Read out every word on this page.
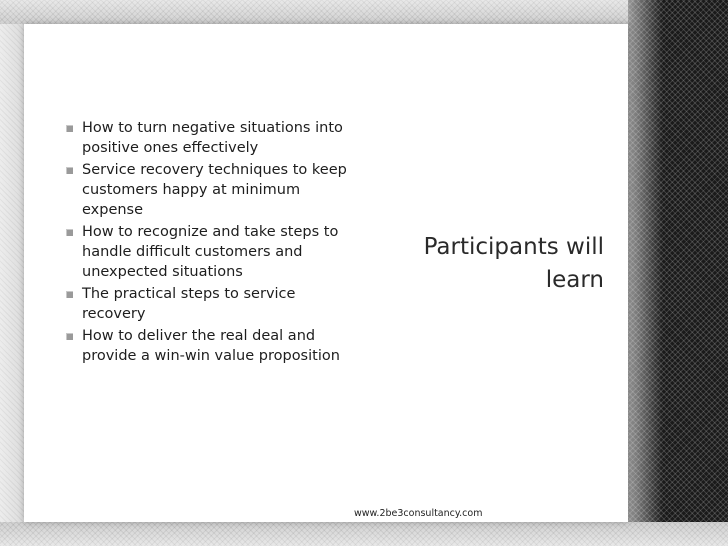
How to turn negative situations into positive ones effectively
Service recovery techniques to keep customers happy at minimum expense
How to recognize and take steps to handle difficult customers and unexpected situations
The practical steps to service recovery
How to deliver the real deal and provide a win-win value proposition
Participants will learn
www.2be3consultancy.com
